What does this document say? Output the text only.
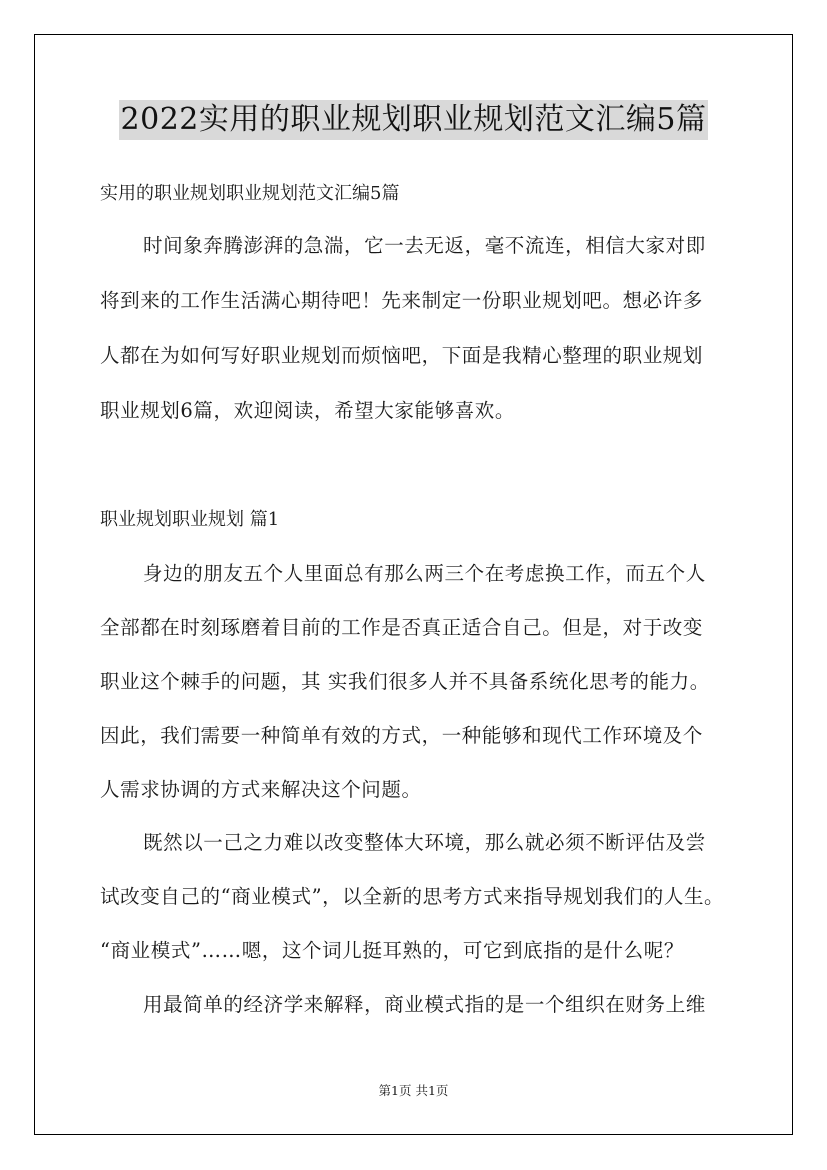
2022实用的职业规划职业规划范文汇编5篇
实用的职业规划职业规划范文汇编5篇
时间象奔腾澎湃的急湍，它一去无返，毫不流连，相信大家对即
将到来的工作生活满心期待吧！先来制定一份职业规划吧。想必许多
人都在为如何写好职业规划而烦恼吧，下面是我精心整理的职业规划
职业规划6篇，欢迎阅读，希望大家能够喜欢。
职业规划职业规划 篇1
身边的朋友五个人里面总有那么两三个在考虑换工作，而五个人
全部都在时刻琢磨着目前的工作是否真正适合自己。但是，对于改变
职业这个棘手的问题，其 实我们很多人并不具备系统化思考的能力。
因此，我们需要一种简单有效的方式，一种能够和现代工作环境及个
人需求协调的方式来解决这个问题。
既然以一己之力难以改变整体大环境，那么就必须不断评估及尝
试改变自己的“商业模式”，以全新的思考方式来指导规划我们的人生。
“商业模式”……嗯，这个词儿挺耳熟的，可它到底指的是什么呢？
用最简单的经济学来解释，商业模式指的是一个组织在财务上维
第1页 共1页
